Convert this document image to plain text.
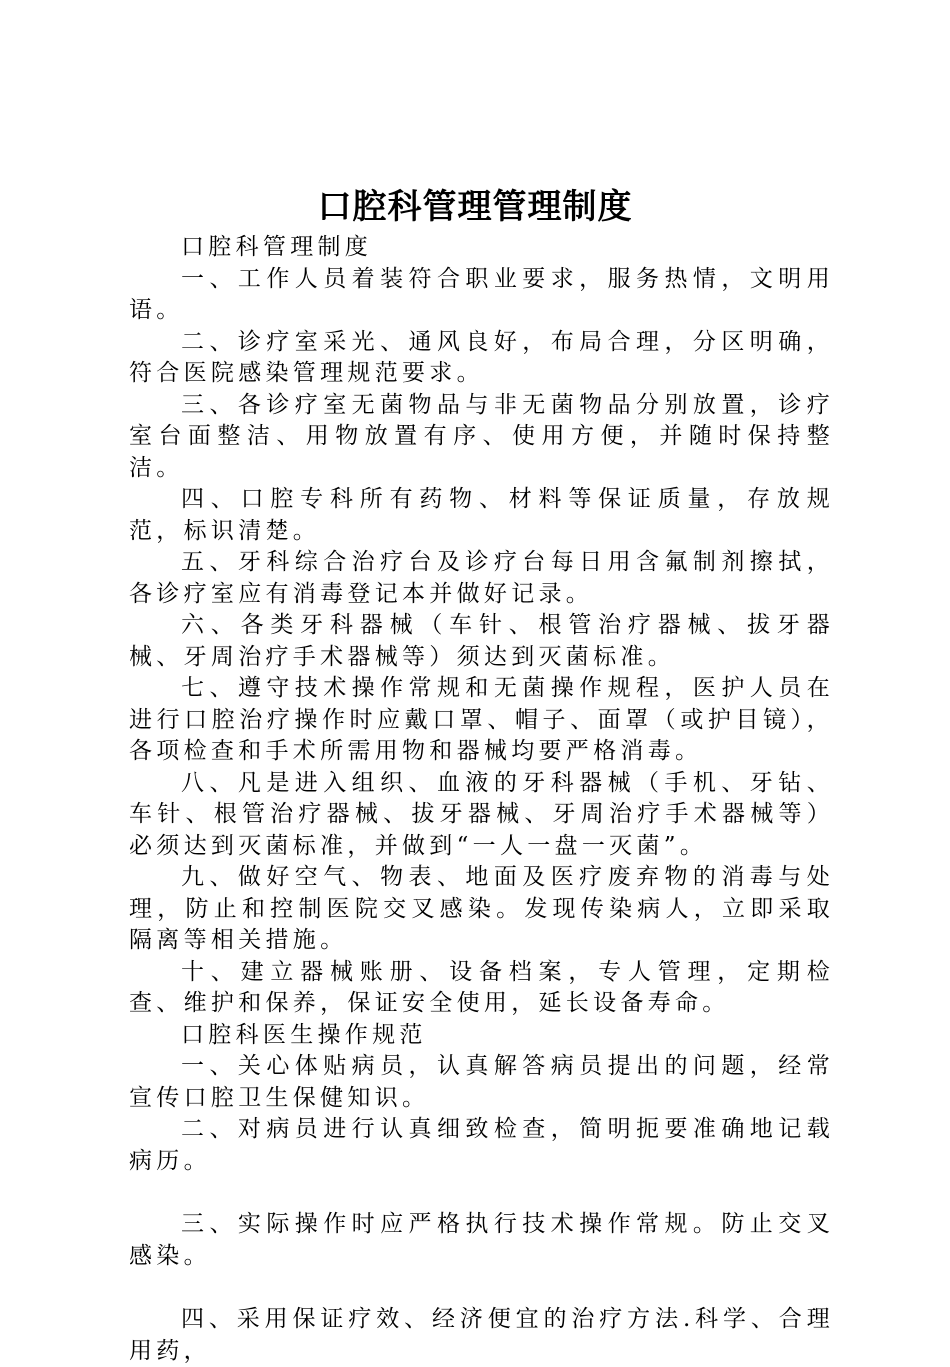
口腔科管理管理制度

口腔科管理制度

一、工作人员着装符合职业要求，服务热情，文明用语。

二、诊疗室采光、通风良好，布局合理，分区明确，符合医院感染管理规范要求。

三、各诊疗室无菌物品与非无菌物品分别放置，诊疗室台面整洁、用物放置有序、使用方便，并随时保持整洁。

四、口腔专科所有药物、材料等保证质量，存放规范，标识清楚。

五、牙科综合治疗台及诊疗台每日用含氟制剂擦拭，各诊疗室应有消毒登记本并做好记录。

六、各类牙科器械（车针、根管治疗器械、拔牙器械、牙周治疗手术器械等）须达到灭菌标准。

七、遵守技术操作常规和无菌操作规程，医护人员在进行口腔治疗操作时应戴口罩、帽子、面罩（或护目镜），各项检查和手术所需用物和器械均要严格消毒。

八、凡是进入组织、血液的牙科器械（手机、牙钻、车针、根管治疗器械、拔牙器械、牙周治疗手术器械等）必须达到灭菌标准，并做到“一人一盘一灭菌”。

九、做好空气、物表、地面及医疗废弃物的消毒与处理，防止和控制医院交叉感染。发现传染病人，立即采取隔离等相关措施。

十、建立器械账册、设备档案，专人管理，定期检查、维护和保养，保证安全使用，延长设备寿命。

口腔科医生操作规范

一、关心体贴病员，认真解答病员提出的问题，经常宣传口腔卫生保健知识。

二、对病员进行认真细致检查，简明扼要准确地记载病历。

三、实际操作时应严格执行技术操作常规。防止交叉感染。

四、采用保证疗效、经济便宜的治疗方法.科学、合理用药，
